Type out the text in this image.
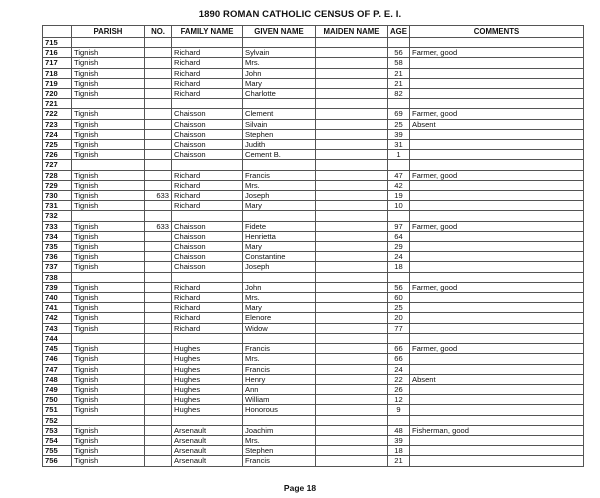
1890 ROMAN CATHOLIC CENSUS OF P. E. I.
	PARISH	NO.	FAMILY NAME	GIVEN NAME	MAIDEN NAME	AGE	COMMENTS
715							
716	Tignish		Richard	Sylvain		56	Farmer, good
717	Tignish		Richard	Mrs.		58	
718	Tignish		Richard	John		21	
719	Tignish		Richard	Mary		21	
720	Tignish		Richard	Charlotte		82	
721							
722	Tignish		Chaisson	Clement		69	Farmer, good
723	Tignish		Chaisson	Silvain		25	Absent
724	Tignish		Chaisson	Stephen		39	
725	Tignish		Chaisson	Judith		31	
726	Tignish		Chaisson	Cement B.		1	
727							
728	Tignish		Richard	Francis		47	Farmer, good
729	Tignish		Richard	Mrs.		42	
730	Tignish	633	Richard	Joseph		19	
731	Tignish		Richard	Mary		10	
732							
733	Tignish	633	Chaisson	Fidete		97	Farmer, good
734	Tignish		Chaisson	Henrietta		64	
735	Tignish		Chaisson	Mary		29	
736	Tignish		Chaisson	Constantine		24	
737	Tignish		Chaisson	Joseph		18	
738							
739	Tignish		Richard	John		56	Farmer, good
740	Tignish		Richard	Mrs.		60	
741	Tignish		Richard	Mary		25	
742	Tignish		Richard	Elenore		20	
743	Tignish		Richard	Widow		77	
744							
745	Tignish		Hughes	Francis		66	Farmer, good
746	Tignish		Hughes	Mrs.		66	
747	Tignish		Hughes	Francis		24	
748	Tignish		Hughes	Henry		22	Absent
749	Tignish		Hughes	Ann		26	
750	Tignish		Hughes	William		12	
751	Tignish		Hughes	Honorous		9	
752							
753	Tignish		Arsenault	Joachim		48	Fisherman, good
754	Tignish		Arsenault	Mrs.		39	
755	Tignish		Arsenault	Stephen		18	
756	Tignish		Arsenault	Francis		21	
Page 18
